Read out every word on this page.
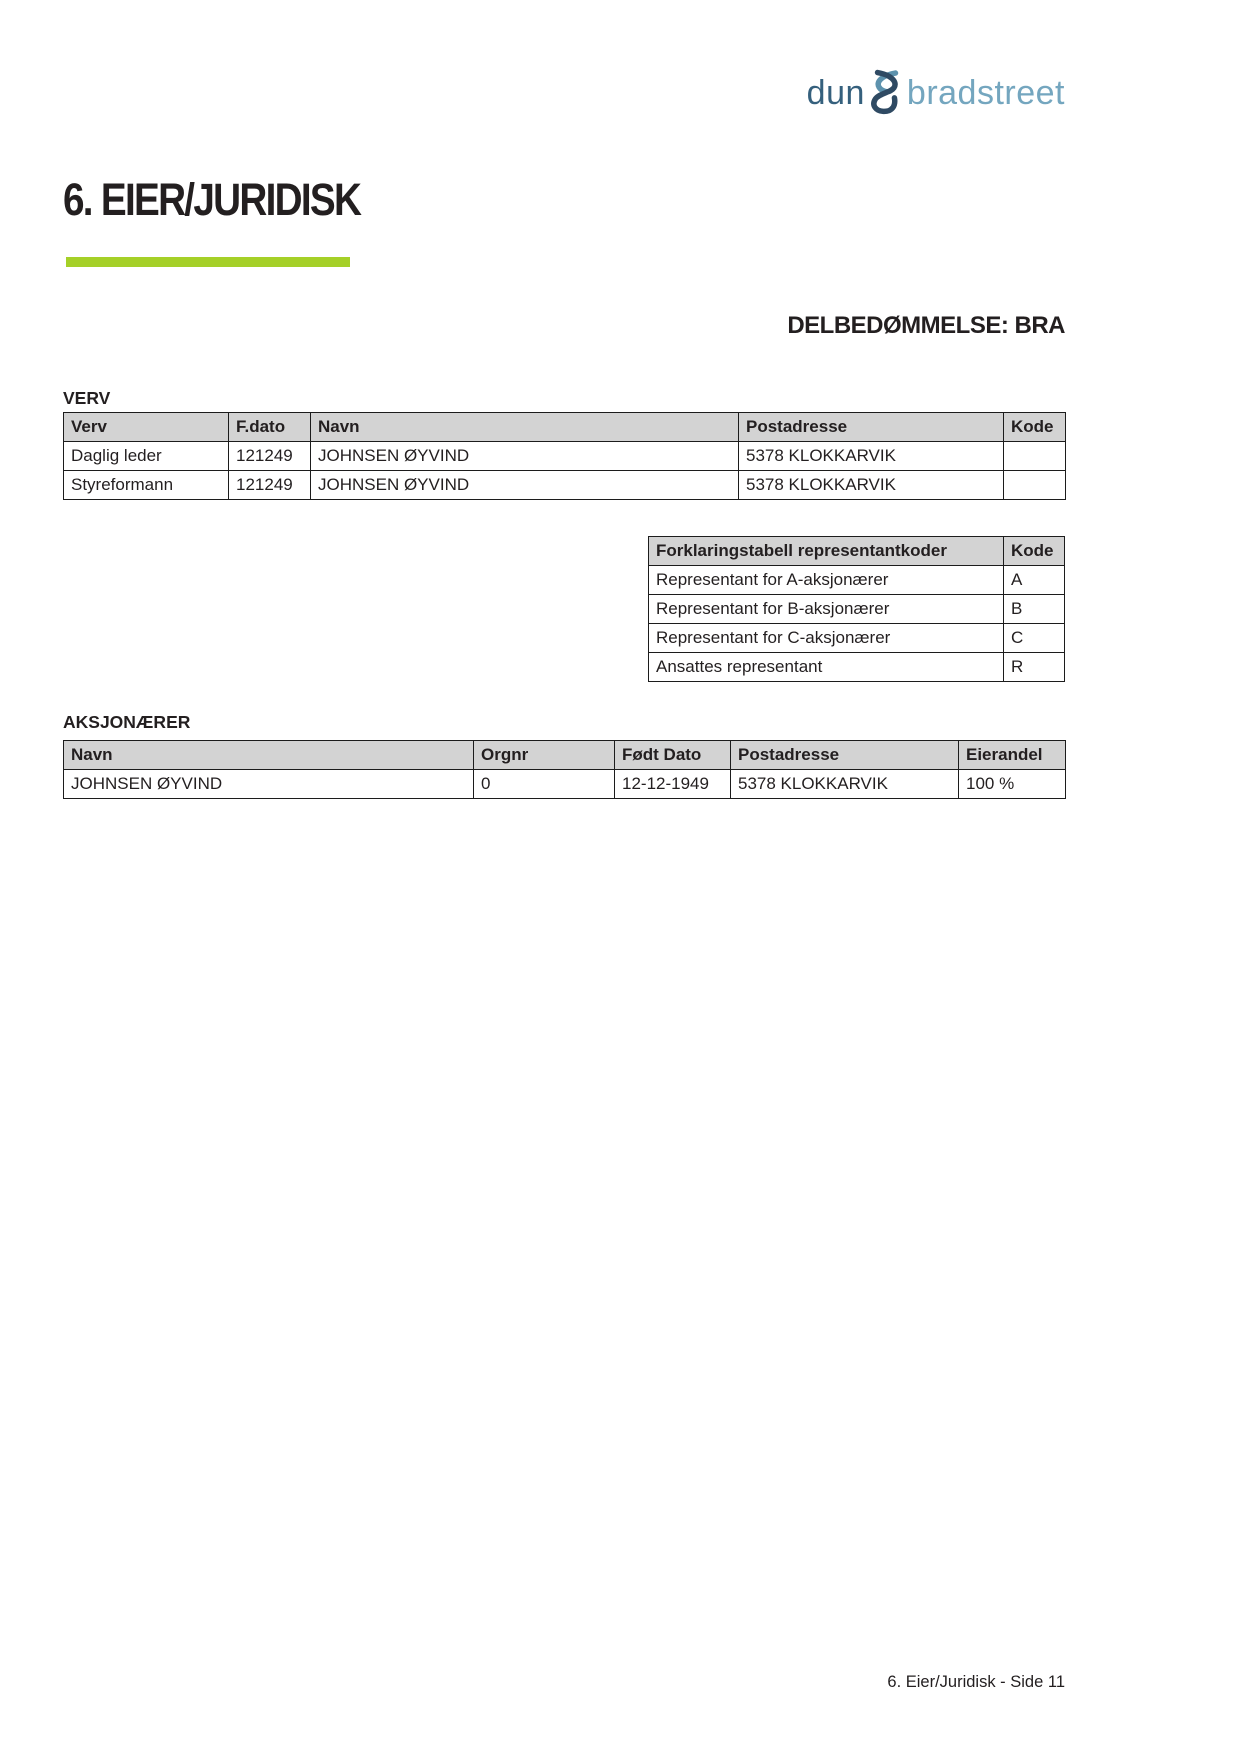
dun bradstreet
6. EIER/JURIDISK
DELBEDØMMELSE: BRA
VERV
Verv	F.dato	Navn	Postadresse	Kode
Daglig leder	121249	JOHNSEN ØYVIND	5378 KLOKKARVIK	
Styreformann	121249	JOHNSEN ØYVIND	5378 KLOKKARVIK	
Forklaringstabell representantkoder	Kode
Representant for A-aksjonærer	A
Representant for B-aksjonærer	B
Representant for C-aksjonærer	C
Ansattes representant	R
AKSJONÆRER
Navn	Orgnr	Født Dato	Postadresse	Eierandel
JOHNSEN ØYVIND	0	12-12-1949	5378 KLOKKARVIK	100 %
6. Eier/Juridisk - Side 11
